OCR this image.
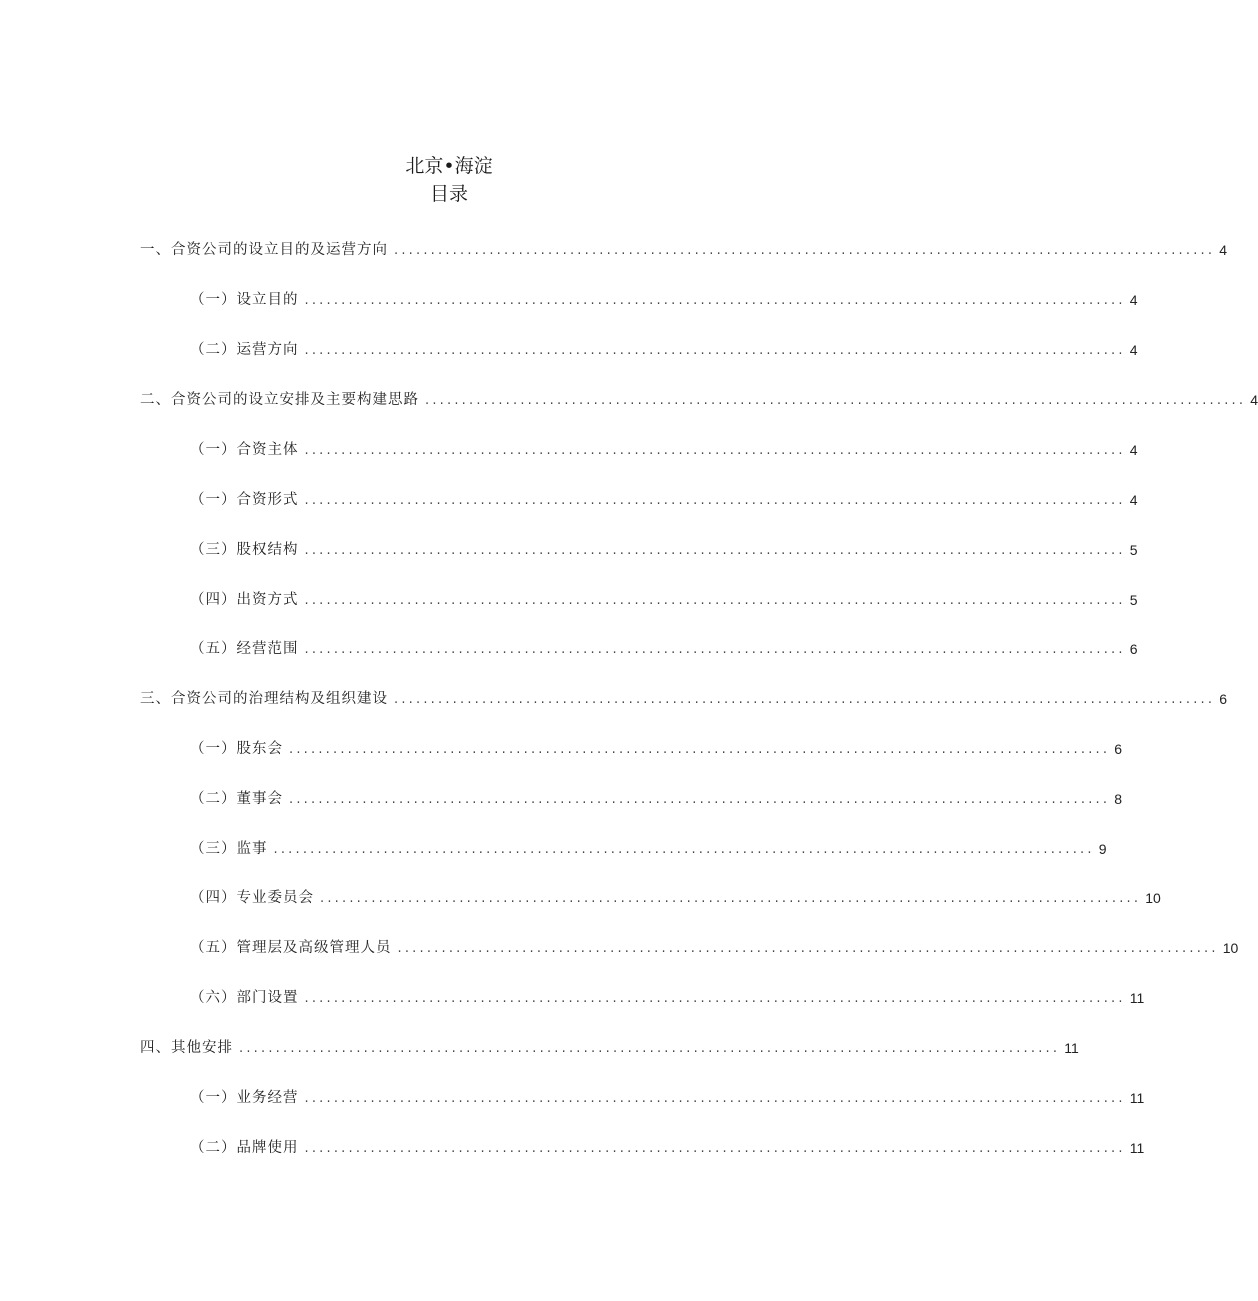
北京•海淀
目录
一、合资公司的设立目的及运营方向 ................................................................................................................ 4
（一）设立目的 ................................................................................................................ 4
（二）运营方向 ................................................................................................................ 4
二、合资公司的设立安排及主要构建思路 ................................................................................................................ 4
（一）合资主体 ................................................................................................................ 4
（一）合资形式 ................................................................................................................ 4
（三）股权结构 ................................................................................................................ 5
（四）出资方式 ................................................................................................................ 5
（五）经营范围 ................................................................................................................ 6
三、合资公司的治理结构及组织建设 ................................................................................................................ 6
（一）股东会 ................................................................................................................ 6
（二）董事会 ................................................................................................................ 8
（三）监事 ................................................................................................................ 9
（四）专业委员会 ................................................................................................................ 10
（五）管理层及高级管理人员 ................................................................................................................ 10
（六）部门设置 ................................................................................................................ 11
四、其他安排 ................................................................................................................ 11
（一）业务经营 ................................................................................................................ 11
（二）品牌使用 ................................................................................................................ 11
